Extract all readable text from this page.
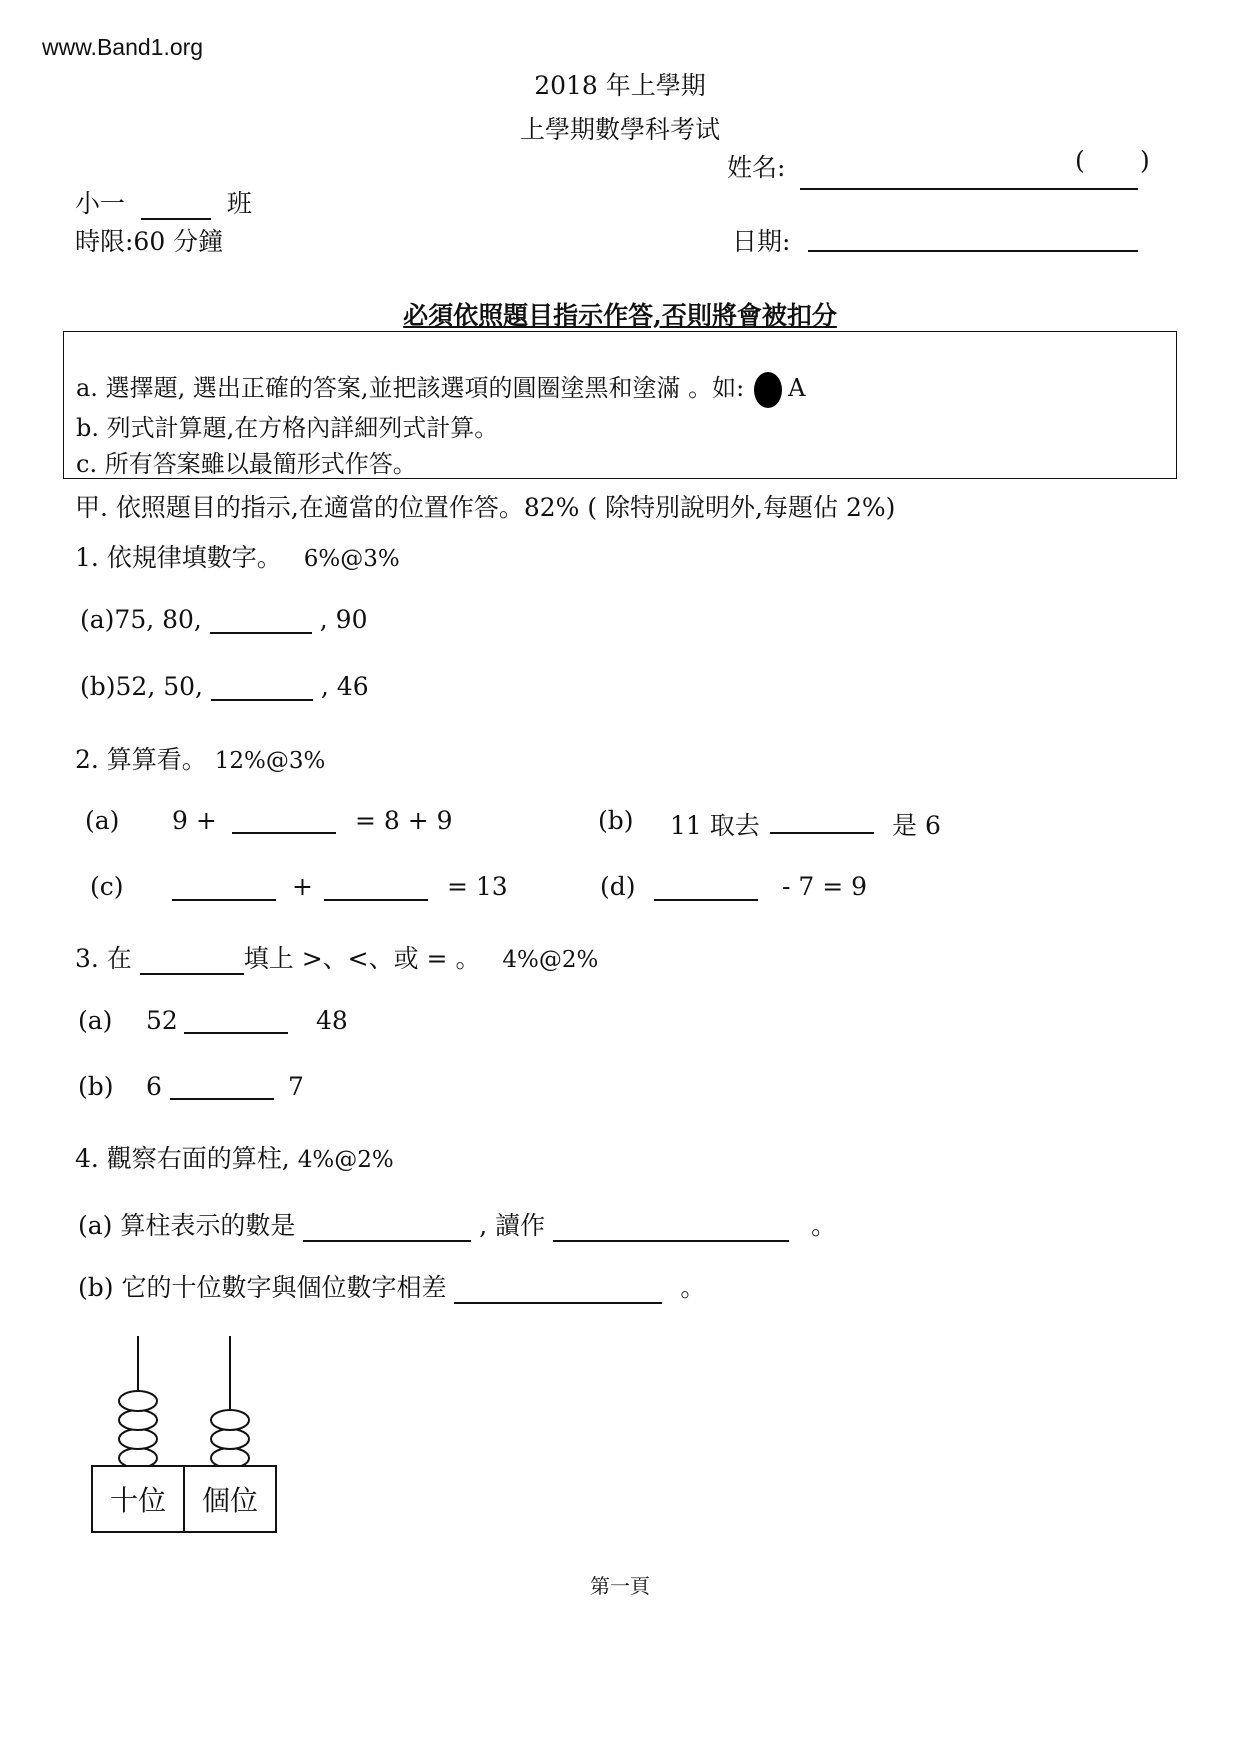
www.Band1.org
2018 年上學期
上學期數學科考试
姓名:	( )
小一	班
時限:60 分鐘	日期:
必須依照題目指示作答,否則將會被扣分
a. 選擇題, 選出正確的答案,並把該選項的圓圈塗黑和塗滿 。如: A
b. 列式計算題,在方格內詳細列式計算。
c. 所有答案雖以最簡形式作答。
甲. 依照題目的指示,在適當的位置作答。82% ( 除特別說明外,每題佔 2%)
1. 依規律填數字。 6%@3%
(a)75, 80,	, 90
(b)52, 50,	, 46
2. 算算看。 12%@3%
(a) 9 +	= 8 + 9	(b) 11 取去	是 6
(c)	+	= 13	(d)	- 7 = 9
3. 在	填上 >、<、或 = 。 4%@2%
(a) 52	48
(b) 6	7
4. 觀察右面的算柱, 4%@2%
(a) 算柱表示的數是	, 讀作	。
(b) 它的十位數字與個位數字相差	。
十位 個位
第一頁
